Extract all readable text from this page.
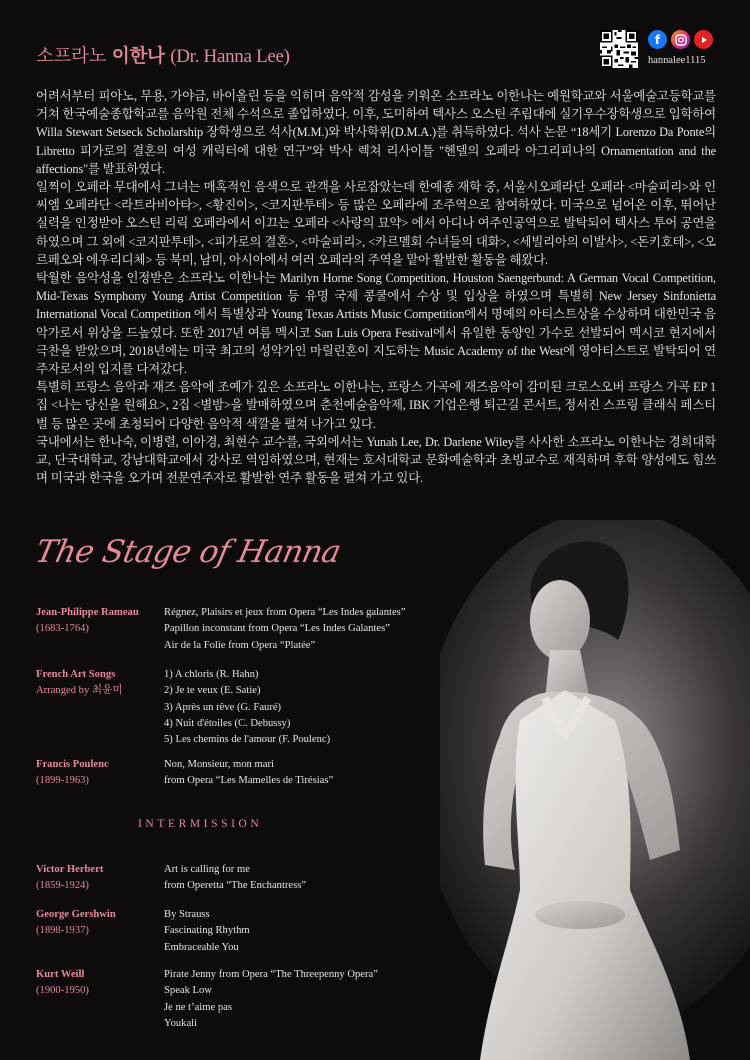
소프라노 이한나 (Dr. Hanna Lee)
f
hannalee1115

어려서부터 피아노, 무용, 가야금, 바이올린 등을 익히며 음악적 감성을 키워온 소프라노 이한나는 예원학교와 서울예술고등학교를 거쳐 한국예술종합학교를 음악원 전체 수석으로 졸업하였다. 이후, 도미하여 텍사스 오스틴 주립대에 실기우수장학생으로 입학하여 Willa Stewart Setseck Scholarship 장학생으로 석사(M.M.)와 박사학위(D.M.A.)를 취득하였다. 석사 논문 “18세기 Lorenzo Da Ponte의 Libretto 피가로의 결혼의 여성 캐릭터에 대한 연구”와 박사 렉쳐 리사이틀 "헨델의 오페라 아그리피나의 Ornamentation and the affections"를 발표하였다.

일찍이 오페라 무대에서 그녀는 매혹적인 음색으로 관객을 사로잡았는데 한예종 재학 중, 서울시오페라단 오페라 <마술피리>와 인씨엠 오페라단 <라트라비아타>, <황진이>, <코지판투테> 등 많은 오페라에 조주역으로 참여하였다. 미국으로 넘어온 이후, 뛰어난 실력을 인정받아 오스틴 리릭 오페라에서 이끄는 오페라 <사랑의 묘약> 에서 아디나 여주인공역으로 발탁되어 텍사스 투어 공연을 하였으며 그 외에 <코지판투테>, <피가로의 결혼>, <마술피리>, <카르멜회 수녀들의 대화>, <세빌리아의 이발사>, <돈키호테>, <오르페오와 에우리디체> 등 북미, 남미, 아시아에서 여러 오페라의 주역을 맡아 활발한 활동을 해왔다.

탁월한 음악성을 인정받은 소프라노 이한나는 Marilyn Horne Song Competition, Houston Saengerbund: A German Vocal Competition, Mid-Texas Symphony Young Artist Competition 등 유명 국제 콩쿨에서 수상 및 입상을 하였으며 특별히 New Jersey Sinfonietta International Vocal Competition 에서 특별상과 Young Texas Artists Music Competition에서 명예의 아티스트상을 수상하며 대한민국 음악가로서 위상을 드높였다. 또한 2017년 여름 멕시코 San Luis Opera Festival에서 유일한 동양인 가수로 선발되어 멕시코 현지에서 극찬을 받았으며, 2018년에는 미국 최고의 성악가인 마릴린혼이 지도하는 Music Academy of the West에 영아티스트로 발탁되어 연주자로서의 입지를 다져갔다.

특별히 프랑스 음악과 재즈 음악에 조예가 깊은 소프라노 이한나는, 프랑스 가곡에 재즈음악이 감미된 크로스오버 프랑스 가곡 EP 1집 <나는 당신을 원해요>, 2집 <별밤>을 발매하였으며 춘천예술음악제, IBK 기업은행 퇴근길 콘서트, 정서진 스프링 클래식 페스티벌 등 많은 곳에 초청되어 다양한 음악적 색깔을 펼쳐 나가고 있다.

국내에서는 한나숙, 이병렬, 이아경, 최현수 교수를, 국외에서는 Yunah Lee, Dr. Darlene Wiley를 사사한 소프라노 이한나는 경희대학교, 단국대학교, 강남대학교에서 강사로 역임하였으며, 현재는 호서대학교 문화예술학과 초빙교수로 재직하며 후학 양성에도 힘쓰며 미국과 한국을 오가며 전문연주자로 활발한 연주 활동을 펼쳐 가고 있다.

The Stage of Hanna
Jean-Philippe Rameau
(1683-1764)
Régnez, Plaisirs et jeux from Opera “Les Indes galantes”
Papillon inconstant from Opera “Les Indes Galantes”
Air de la Folie from Opera “Platée”
French Art Songs
Arranged by 최윤미
1) A chloris (R. Hahn)
2) Je te veux (E. Satie)
3) Après un rêve (G. Fauré)
4) Nuit d'étoiles (C. Debussy)
5) Les chemins de l'amour (F. Poulenc)
Francis Poulenc
(1899-1963)
Non, Monsieur, mon mari
from Opera “Les Mamelles de Tirésias”
INTERMISSION
Victor Herbert
(1859-1924)
Art is calling for me
from Operetta “The Enchantress”
George Gershwin
(1898-1937)
By Strauss
Fascinating Rhythm
Embraceable You
Kurt Weill
(1900-1950)
Pirate Jenny from Opera “The Threepenny Opera”
Speak Low
Je ne t’aime pas
Youkali
